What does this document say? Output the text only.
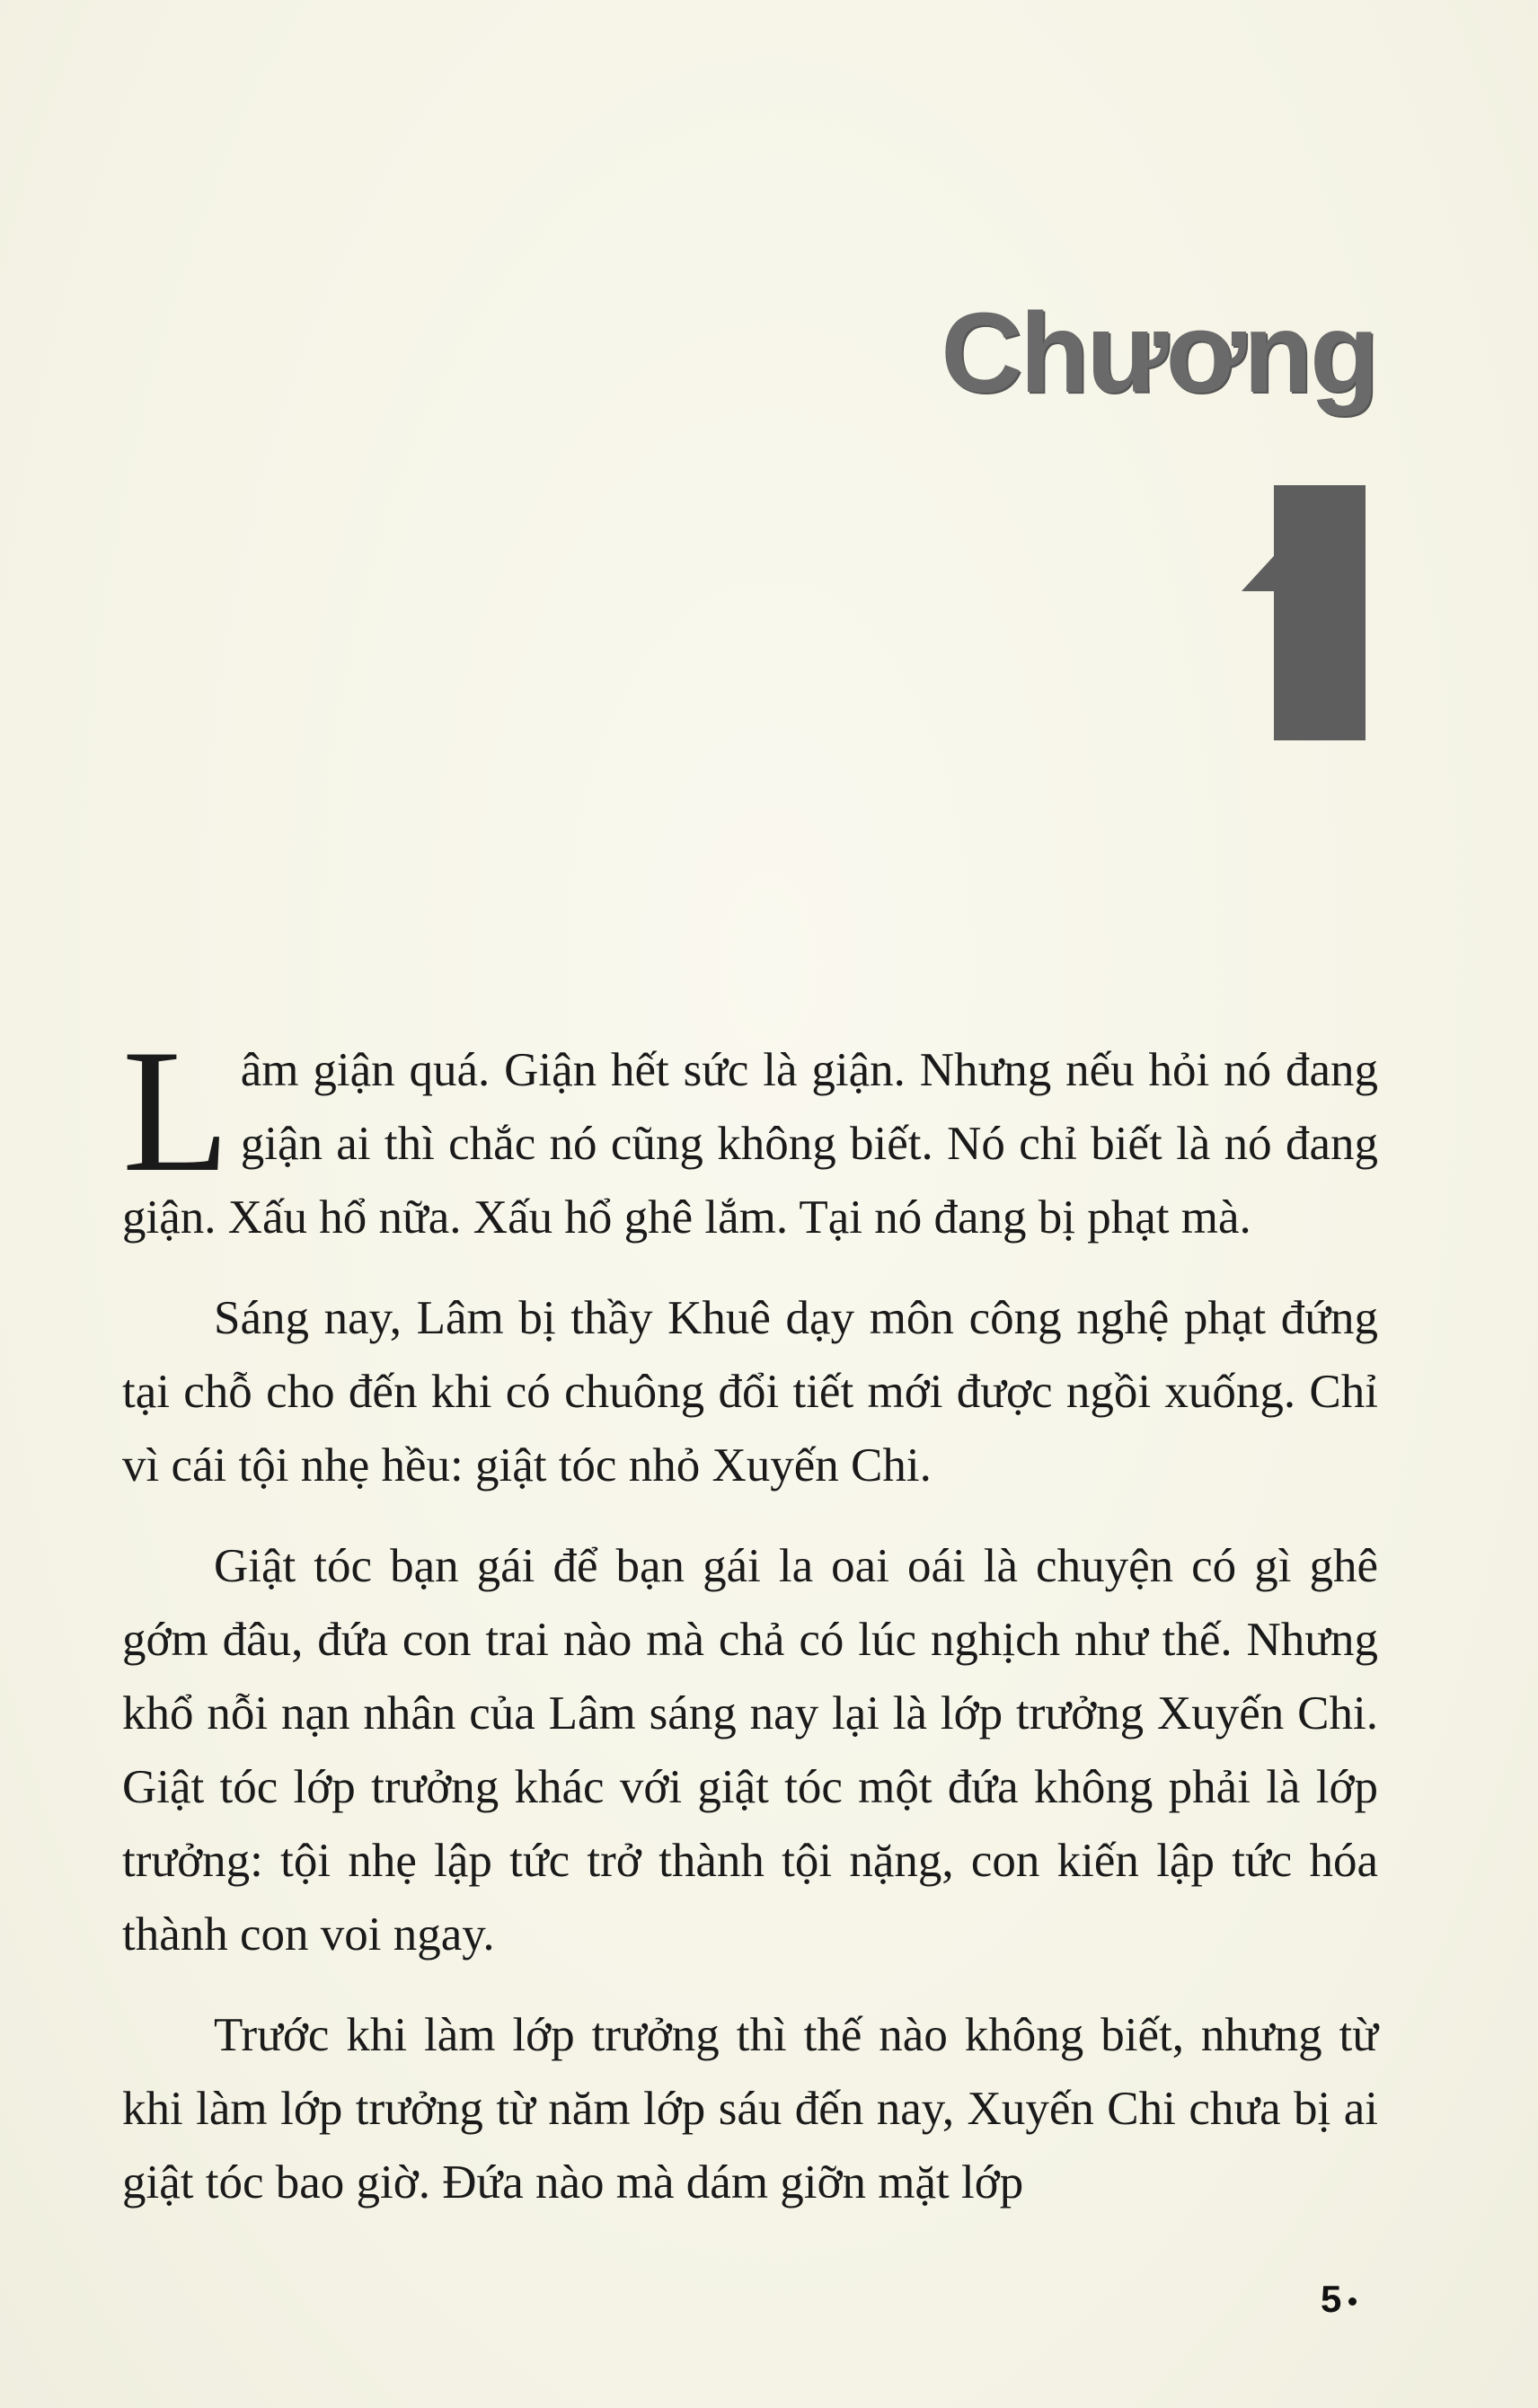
Chương

Lâm giận quá. Giận hết sức là giận. Nhưng nếu hỏi nó đang giận ai thì chắc nó cũng không biết. Nó chỉ biết là nó đang giận. Xấu hổ nữa. Xấu hổ ghê lắm. Tại nó đang bị phạt mà.

Sáng nay, Lâm bị thầy Khuê dạy môn công nghệ phạt đứng tại chỗ cho đến khi có chuông đổi tiết mới được ngồi xuống. Chỉ vì cái tội nhẹ hều: giật tóc nhỏ Xuyến Chi.

Giật tóc bạn gái để bạn gái la oai oái là chuyện có gì ghê gớm đâu, đứa con trai nào mà chả có lúc nghịch như thế. Nhưng khổ nỗi nạn nhân của Lâm sáng nay lại là lớp trưởng Xuyến Chi. Giật tóc lớp trưởng khác với giật tóc một đứa không phải là lớp trưởng: tội nhẹ lập tức trở thành tội nặng, con kiến lập tức hóa thành con voi ngay.

Trước khi làm lớp trưởng thì thế nào không biết, nhưng từ khi làm lớp trưởng từ năm lớp sáu đến nay, Xuyến Chi chưa bị ai giật tóc bao giờ. Đứa nào mà dám giỡn mặt lớp

5
